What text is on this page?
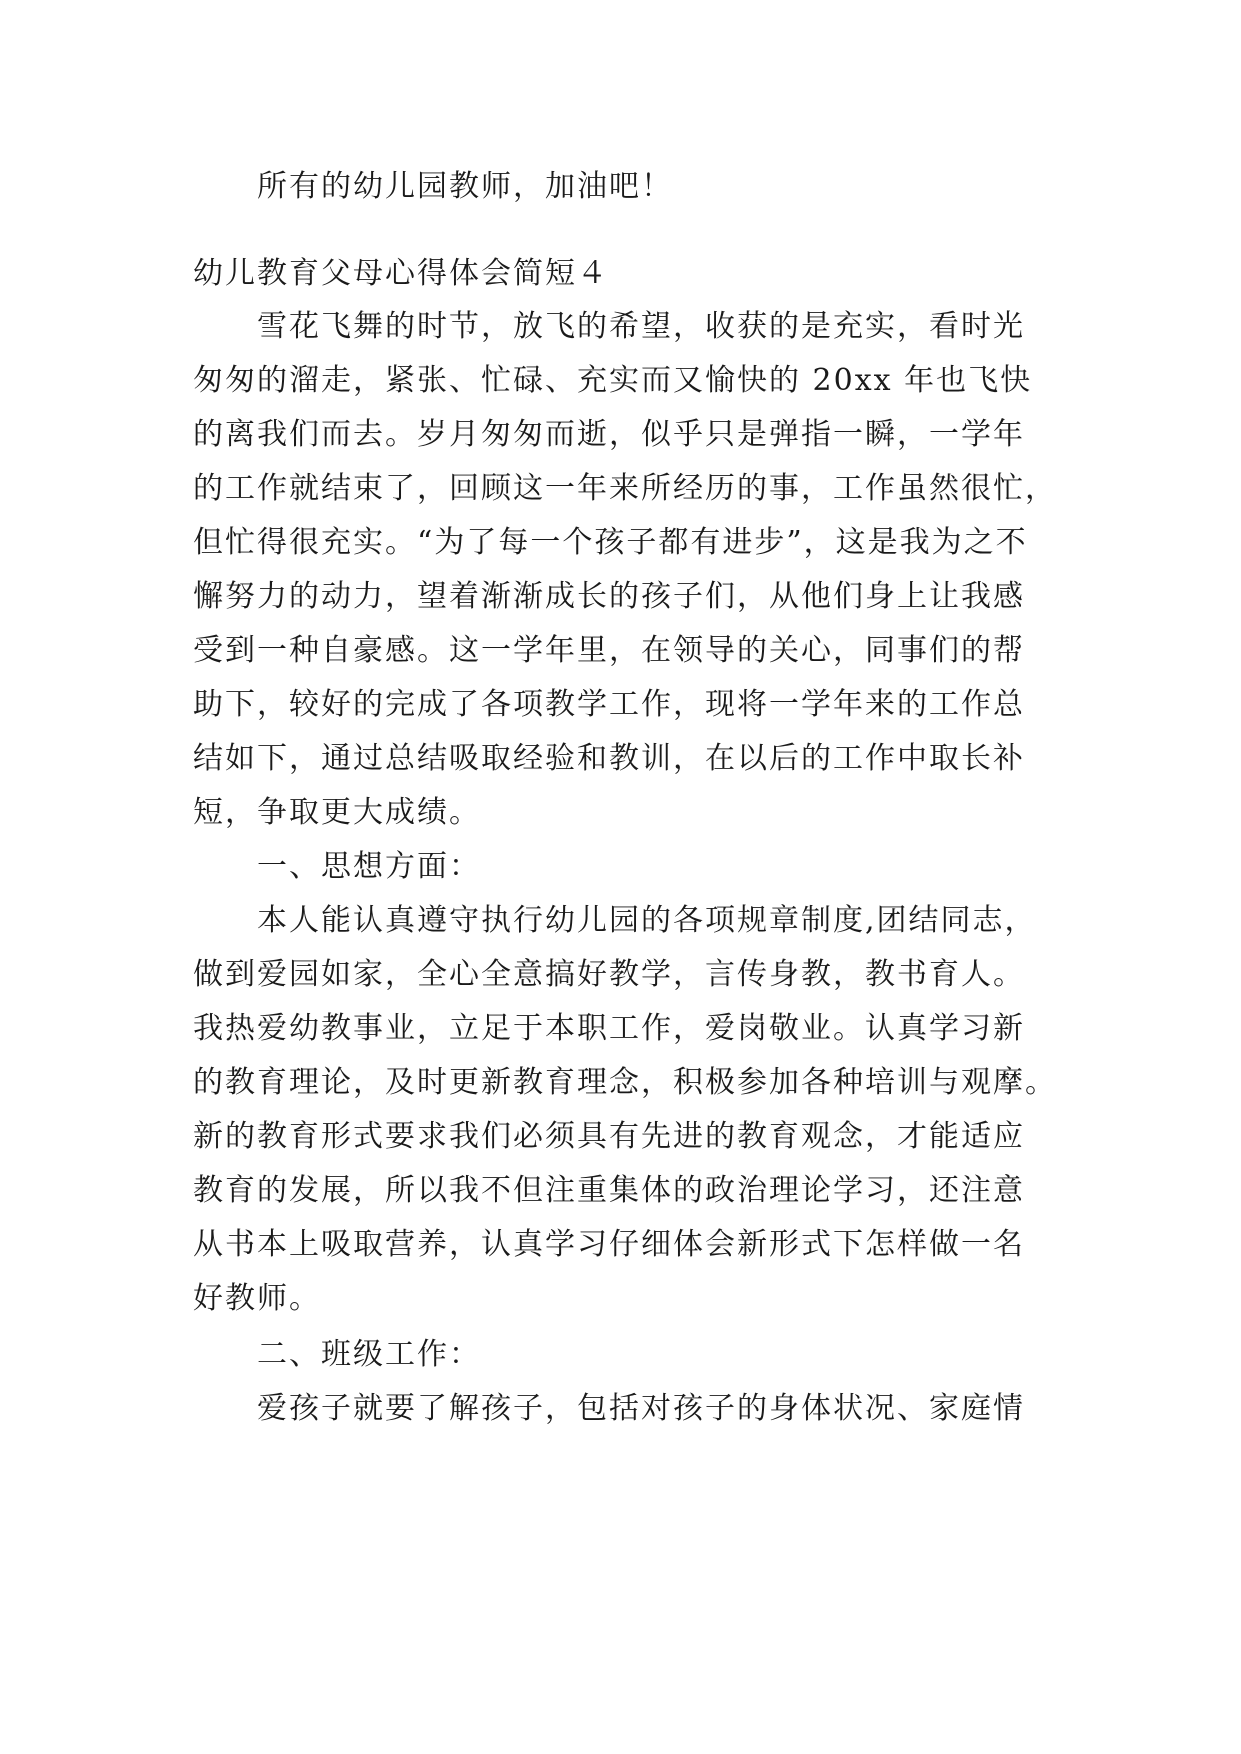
所有的幼儿园教师，加油吧！
幼儿教育父母心得体会简短４
雪花飞舞的时节，放飞的希望，收获的是充实，看时光
匆匆的溜走，紧张、忙碌、充实而又愉快的 20xx 年也飞快
的离我们而去。岁月匆匆而逝，似乎只是弹指一瞬，一学年
的工作就结束了，回顾这一年来所经历的事，工作虽然很忙，
但忙得很充实。“为了每一个孩子都有进步”，这是我为之不
懈努力的动力，望着渐渐成长的孩子们，从他们身上让我感
受到一种自豪感。这一学年里，在领导的关心，同事们的帮
助下，较好的完成了各项教学工作，现将一学年来的工作总
结如下，通过总结吸取经验和教训，在以后的工作中取长补
短，争取更大成绩。
一、思想方面：
本人能认真遵守执行幼儿园的各项规章制度,团结同志，
做到爱园如家，全心全意搞好教学，言传身教，教书育人。
我热爱幼教事业，立足于本职工作，爱岗敬业。认真学习新
的教育理论，及时更新教育理念，积极参加各种培训与观摩。
新的教育形式要求我们必须具有先进的教育观念，才能适应
教育的发展，所以我不但注重集体的政治理论学习，还注意
从书本上吸取营养，认真学习仔细体会新形式下怎样做一名
好教师。
二、班级工作：
爱孩子就要了解孩子，包括对孩子的身体状况、家庭情
